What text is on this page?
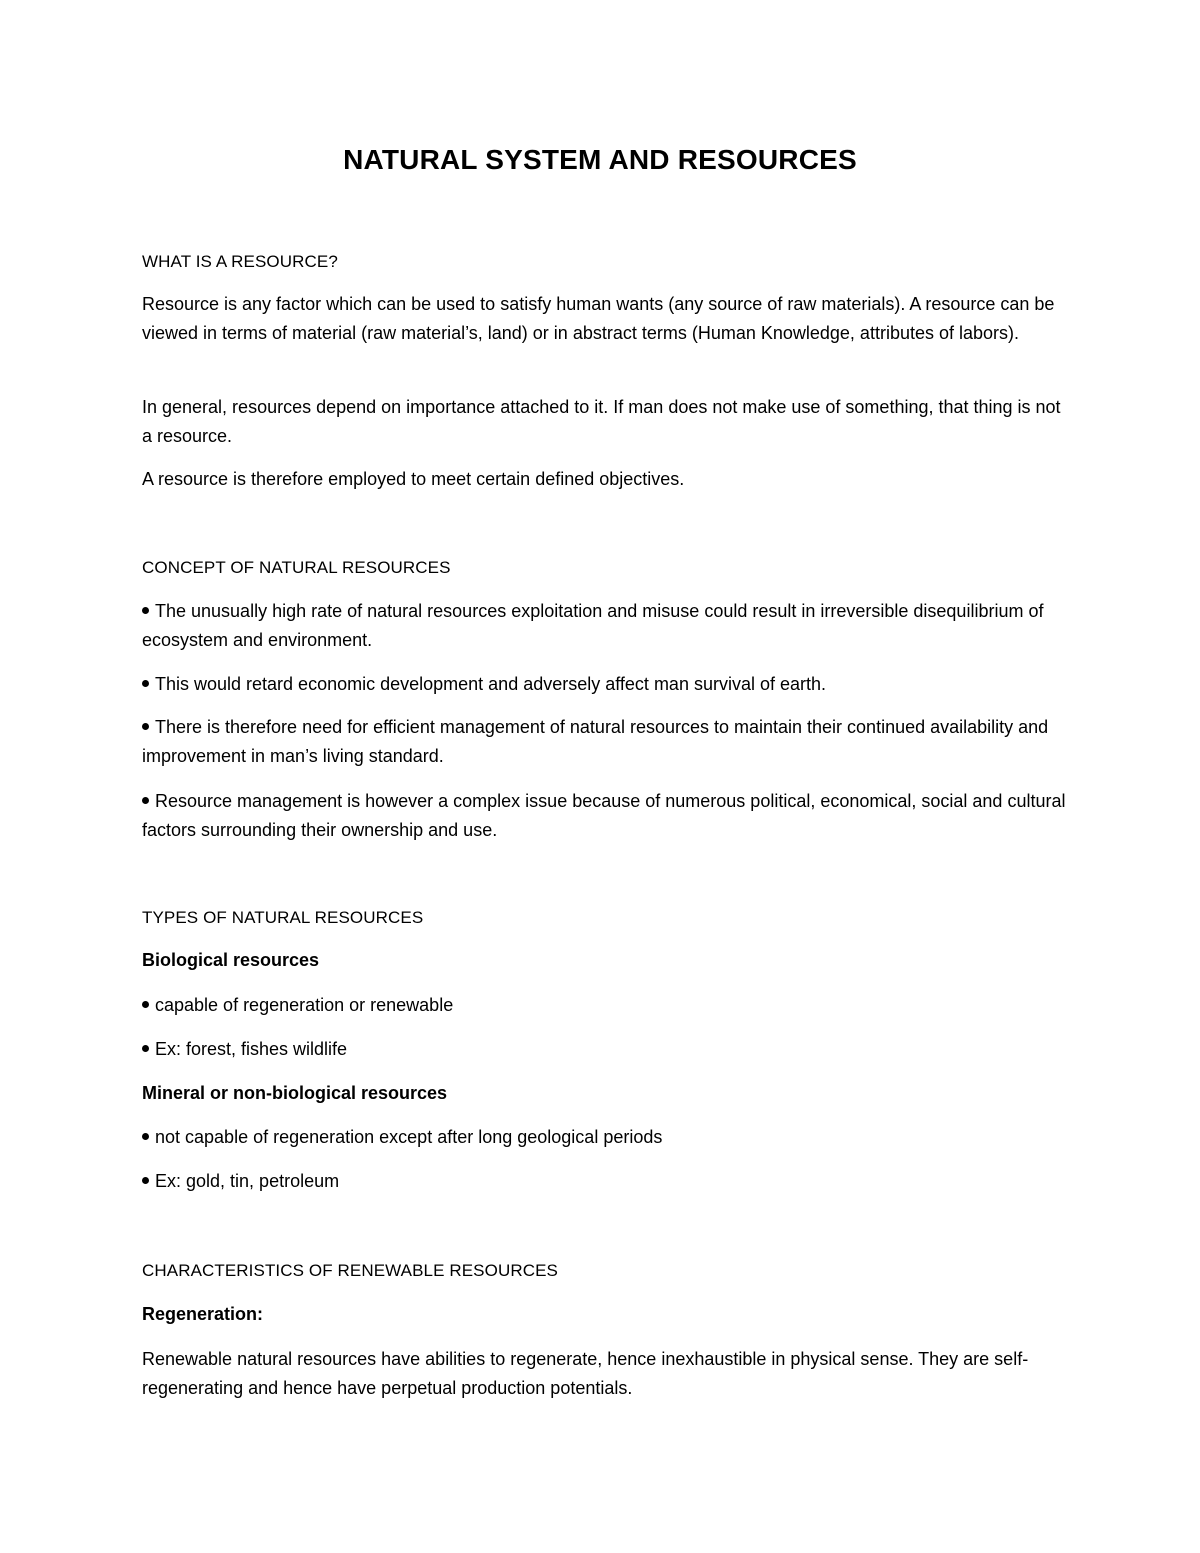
NATURAL SYSTEM AND RESOURCES

WHAT IS A RESOURCE?

Resource is any factor which can be used to satisfy human wants (any source of raw materials). A resource can be viewed in terms of material (raw material’s, land) or in abstract terms (Human Knowledge, attributes of labors).

In general, resources depend on importance attached to it. If man does not make use of something, that thing is not a resource.

A resource is therefore employed to meet certain defined objectives.

CONCEPT OF NATURAL RESOURCES

The unusually high rate of natural resources exploitation and misuse could result in irreversible disequilibrium of ecosystem and environment.

This would retard economic development and adversely affect man survival of earth.

There is therefore need for efficient management of natural resources to maintain their continued availability and improvement in man’s living standard.

Resource management is however a complex issue because of numerous political, economical, social and cultural factors surrounding their ownership and use.

TYPES OF NATURAL RESOURCES

Biological resources

capable of regeneration or renewable

Ex: forest, fishes wildlife

Mineral or non-biological resources

not capable of regeneration except after long geological periods

Ex: gold, tin, petroleum

CHARACTERISTICS OF RENEWABLE RESOURCES

Regeneration:

Renewable natural resources have abilities to regenerate, hence inexhaustible in physical sense. They are self-regenerating and hence have perpetual production potentials.
